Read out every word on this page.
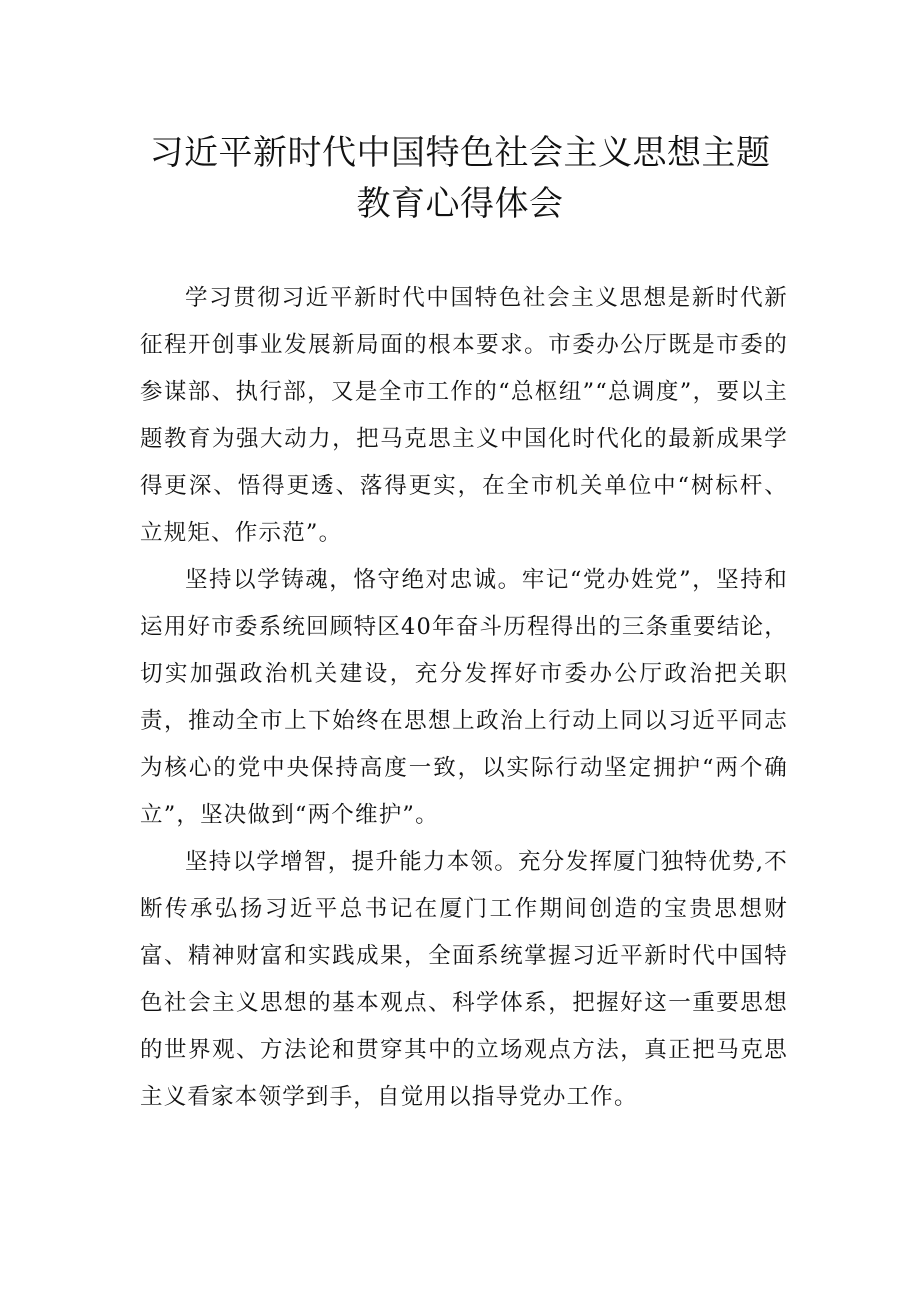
习近平新时代中国特色社会主义思想主题
教育心得体会

学习贯彻习近平新时代中国特色社会主义思想是新时代新征程开创事业发展新局面的根本要求。市委办公厅既是市委的参谋部、执行部，又是全市工作的“总枢纽”“总调度”，要以主题教育为强大动力，把马克思主义中国化时代化的最新成果学得更深、悟得更透、落得更实，在全市机关单位中“树标杆、立规矩、作示范”。

坚持以学铸魂，恪守绝对忠诚。牢记“党办姓党”，坚持和运用好市委系统回顾特区40年奋斗历程得出的三条重要结论，切实加强政治机关建设，充分发挥好市委办公厅政治把关职责，推动全市上下始终在思想上政治上行动上同以习近平同志为核心的党中央保持高度一致，以实际行动坚定拥护“两个确立”，坚决做到“两个维护”。

坚持以学增智，提升能力本领。充分发挥厦门独特优势,不断传承弘扬习近平总书记在厦门工作期间创造的宝贵思想财富、精神财富和实践成果，全面系统掌握习近平新时代中国特色社会主义思想的基本观点、科学体系，把握好这一重要思想的世界观、方法论和贯穿其中的立场观点方法，真正把马克思主义看家本领学到手，自觉用以指导党办工作。
